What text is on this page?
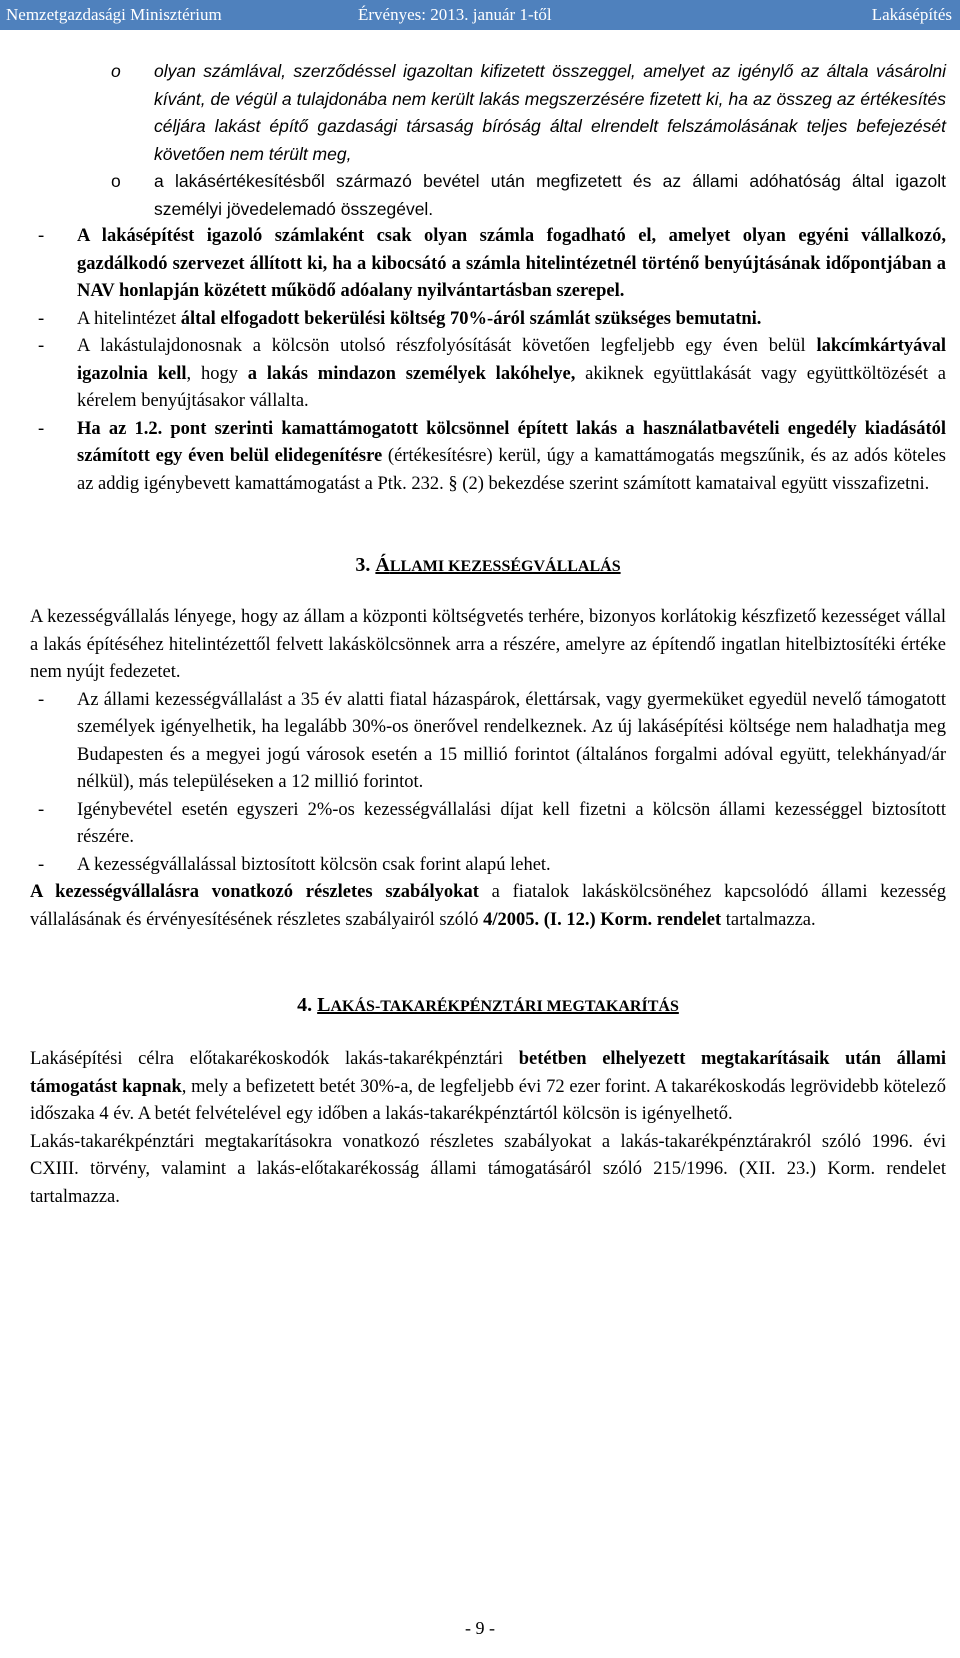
Nemzetgazdasági Minisztérium	Érvényes: 2013. január 1-től	Lakásépítés
o olyan számlával, szerződéssel igazoltan kifizetett összeggel, amelyet az igénylő az általa vásárolni kívánt, de végül a tulajdonába nem került lakás megszerzésére fizetett ki, ha az összeg az értékesítés céljára lakást építő gazdasági társaság bíróság által elrendelt felszámolásának teljes befejezését követően nem térült meg,
o a lakásértékesítésből származó bevétel után megfizetett és az állami adóhatóság által igazolt személyi jövedelemadó összegével.
- A lakásépítést igazoló számlaként csak olyan számla fogadható el, amelyet olyan egyéni vállalkozó, gazdálkodó szervezet állított ki, ha a kibocsátó a számla hitelintézetnél történő benyújtásának időpontjában a NAV honlapján közétett működő adóalany nyilvántartásban szerepel.
- A hitelintézet által elfogadott bekerülési költség 70%-áról számlát szükséges bemutatni.
- A lakástulajdonosnak a kölcsön utolsó részfolyósítását követően legfeljebb egy éven belül lakcímkártyával igazolnia kell, hogy a lakás mindazon személyek lakóhelye, akiknek együttlakását vagy együttköltözését a kérelem benyújtásakor vállalta.
- Ha az 1.2. pont szerinti kamattámogatott kölcsönnel épített lakás a használatbavételi engedély kiadásától számított egy éven belül elidegenítésre (értékesítésre) kerül, úgy a kamattámogatás megszűnik, és az adós köteles az addig igénybevett kamattámogatást a Ptk. 232. § (2) bekezdése szerint számított kamataival együtt visszafizetni.
3. ÁLLAMI KEZESSÉGVÁLLALÁS

A kezességvállalás lényege, hogy az állam a központi költségvetés terhére, bizonyos korlátokig készfizető kezességet vállal a lakás építéséhez hitelintézettől felvett lakáskölcsönnek arra a részére, amelyre az építendő ingatlan hitelbiztosítéki értéke nem nyújt fedezetet.

- Az állami kezességvállalást a 35 év alatti fiatal házaspárok, élettársak, vagy gyermeküket egyedül nevelő támogatott személyek igényelhetik, ha legalább 30%-os önerővel rendelkeznek. Az új lakásépítési költsége nem haladhatja meg Budapesten és a megyei jogú városok esetén a 15 millió forintot (általános forgalmi adóval együtt, telekhányad/ár nélkül), más településeken a 12 millió forintot.
- Igénybevétel esetén egyszeri 2%-os kezességvállalási díjat kell fizetni a kölcsön állami kezességgel biztosított részére.
- A kezességvállalással biztosított kölcsön csak forint alapú lehet.

A kezességvállalásra vonatkozó részletes szabályokat a fiatalok lakáskölcsönéhez kapcsolódó állami kezesség vállalásának és érvényesítésének részletes szabályairól szóló 4/2005. (I. 12.) Korm. rendelet tartalmazza.

4. LAKÁS-TAKARÉKPÉNZTÁRI MEGTAKARÍTÁS

Lakásépítési célra előtakarékoskodók lakás-takarékpénztári betétben elhelyezett megtakarításaik után állami támogatást kapnak, mely a befizetett betét 30%-a, de legfeljebb évi 72 ezer forint. A takarékoskodás legrövidebb kötelező időszaka 4 év. A betét felvételével egy időben a lakás-takarékpénztártól kölcsön is igényelhető.

Lakás-takarékpénztári megtakarításokra vonatkozó részletes szabályokat a lakás-takarékpénztárakról szóló 1996. évi CXIII. törvény, valamint a lakás-előtakarékosság állami támogatásáról szóló 215/1996. (XII. 23.) Korm. rendelet tartalmazza.

- 9 -
